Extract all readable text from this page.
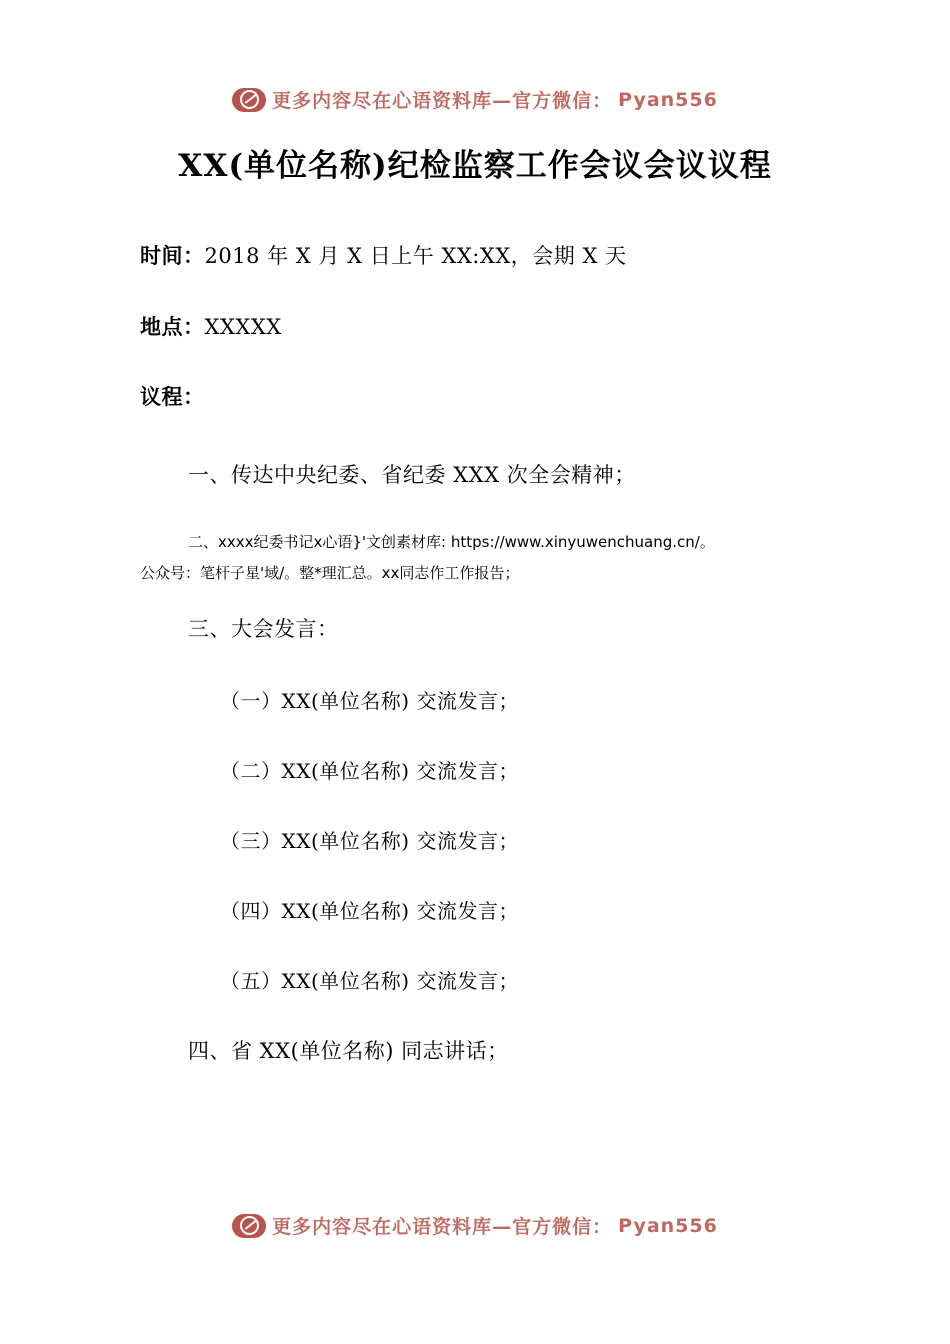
更多内容尽在心语资料库—官方微信： Pyan556
XX(单位名称)纪检监察工作会议会议议程

时间：2018 年 X 月 X 日上午 XX:XX，会期 X 天

地点：XXXXX

议程：

一、传达中央纪委、省纪委 XXX 次全会精神；

二、xxxx纪委书记x心语}'文创素材库: https://www.xinyuwenchuang.cn/。

公众号：笔杆子星'域/。整*理汇总。xx同志作工作报告；

三、大会发言：

（一）XX(单位名称) 交流发言；

（二）XX(单位名称) 交流发言；

（三）XX(单位名称) 交流发言；

（四）XX(单位名称) 交流发言；

（五）XX(单位名称) 交流发言；

四、省 XX(单位名称) 同志讲话；

更多内容尽在心语资料库—官方微信： Pyan556
